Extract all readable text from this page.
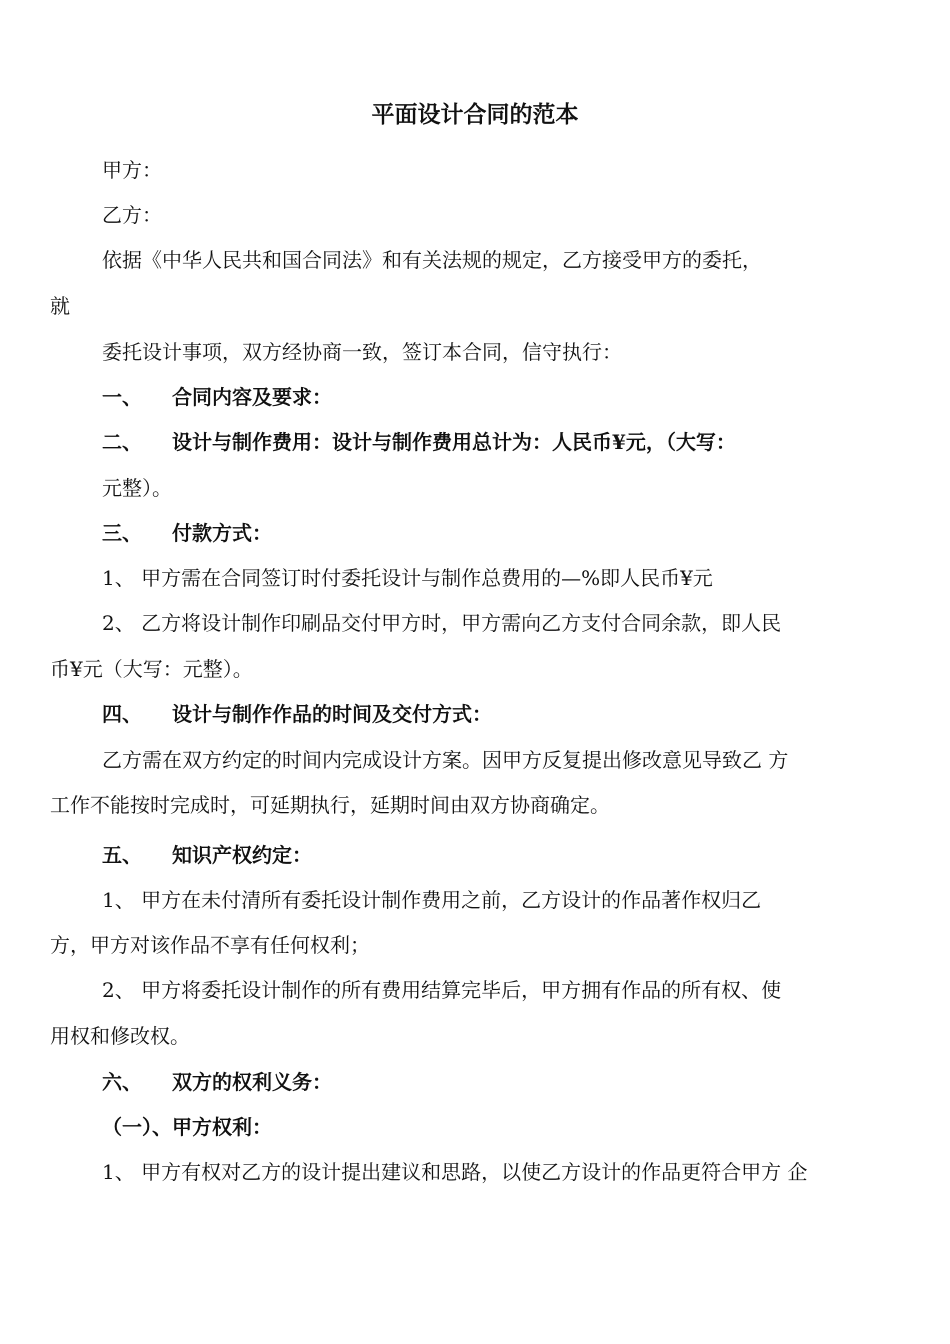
平面设计合同的范本
甲方：
乙方：
依据《中华人民共和国合同法》和有关法规的规定，乙方接受甲方的委托，
就
委托设计事项，双方经协商一致，签订本合同，信守执行：
一、 合同内容及要求：
二、 设计与制作费用：设计与制作费用总计为：人民币¥元，（大写：
元整）。
三、 付款方式：
1、 甲方需在合同签订时付委托设计与制作总费用的—%即人民币¥元
2、 乙方将设计制作印刷品交付甲方时，甲方需向乙方支付合同余款，即人民
币¥元（大写：元整）。
四、 设计与制作作品的时间及交付方式：
乙方需在双方约定的时间内完成设计方案。因甲方反复提出修改意见导致乙 方
工作不能按时完成时，可延期执行，延期时间由双方协商确定。
五、 知识产权约定：
1、 甲方在未付清所有委托设计制作费用之前，乙方设计的作品著作权归乙
方，甲方对该作品不享有任何权利；
2、 甲方将委托设计制作的所有费用结算完毕后，甲方拥有作品的所有权、使
用权和修改权。
六、 双方的权利义务：
（一）、甲方权利：
1、 甲方有权对乙方的设计提出建议和思路，以使乙方设计的作品更符合甲方 企
